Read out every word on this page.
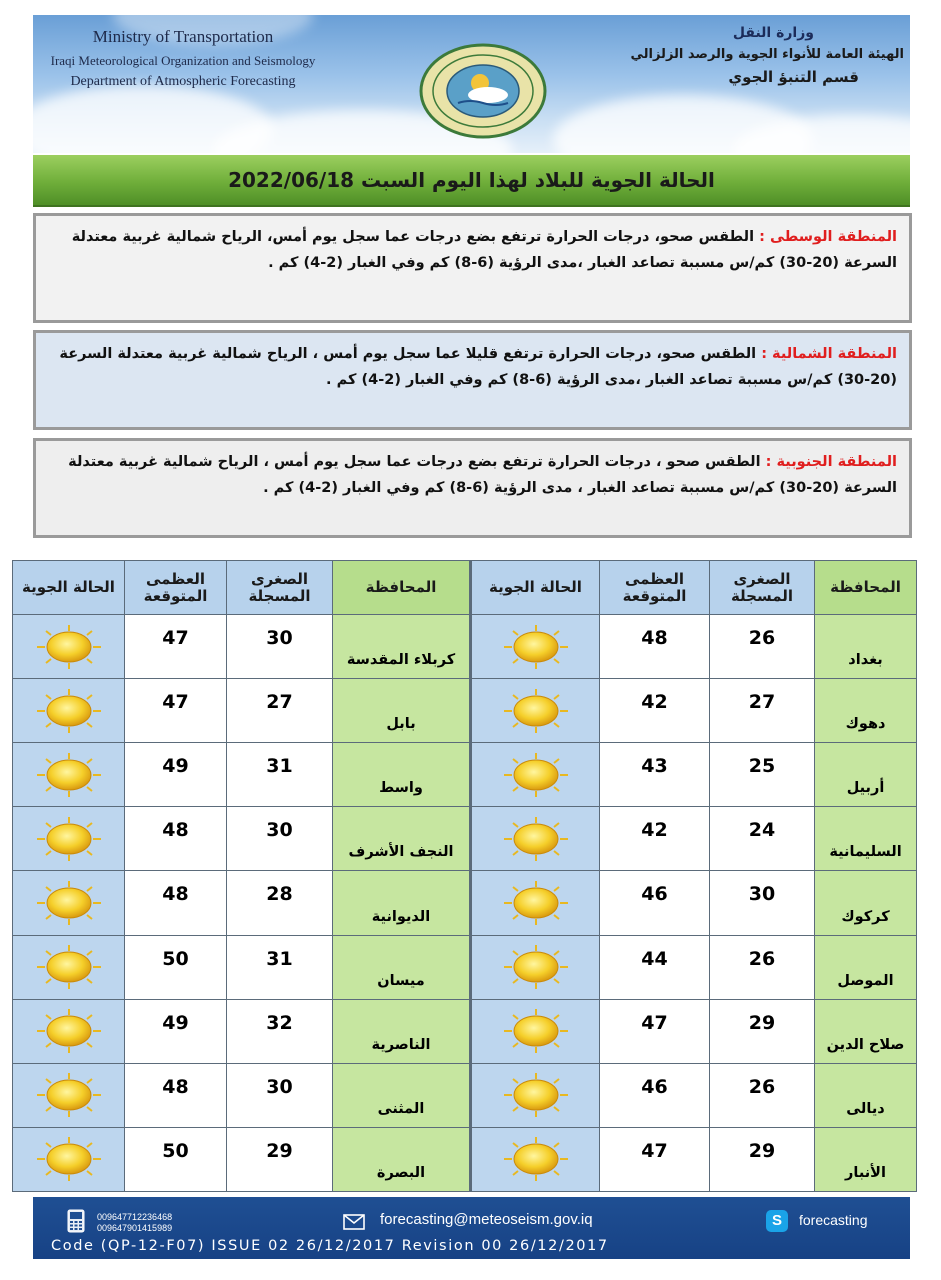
Ministry of Transportation
Iraqi Meteorological Organization and Seismology
Department of Atmospheric Forecasting
وزارة النقل
الهيئة العامة للأنواء الجوية والرصد الزلزالي
قسم التنبؤ الجوي
الحالة الجوية للبلاد لهذا اليوم السبت 2022/06/18
المنطقة الوسطى : الطقس صحو، درجات الحرارة ترتفع بضع درجات عما سجل يوم أمس، الرياح شمالية غربية معتدلة السرعة (20-30) كم/س مسببة تصاعد الغبار ،مدى الرؤية (6-8) كم وفي الغبار (2-4) كم .
المنطقة الشمالية : الطقس صحو، درجات الحرارة ترتفع قليلا عما سجل يوم أمس ، الرياح شمالية غربية معتدلة السرعة (20-30) كم/س مسببة تصاعد الغبار ،مدى الرؤية (6-8) كم وفي الغبار (2-4) كم .
المنطقة الجنوبية : الطقس صحو ، درجات الحرارة ترتفع بضع درجات عما سجل يوم أمس ، الرياح شمالية غربية معتدلة السرعة (20-30) كم/س مسببة تصاعد الغبار ، مدى الرؤية (6-8) كم وفي الغبار (2-4) كم .
المحافظة	الصغرى المسجلة	العظمى المتوقعة	الحالة الجوية	المحافظة	الصغرى المسجلة	العظمى المتوقعة	الحالة الجوية
بغداد	26	48		كربلاء المقدسة	30	47	
دهوك	27	42		بابل	27	47	
أربيل	25	43		واسط	31	49	
السليمانية	24	42		النجف الأشرف	30	48	
كركوك	30	46		الديوانية	28	48	
الموصل	26	44		ميسان	31	50	
صلاح الدين	29	47		الناصرية	32	49	
ديالى	26	46		المثنى	30	48	
الأنبار	29	47		البصرة	29	50	
009647712236468
009647901415989	forecasting@meteoseism.gov.iq	S	forecasting
Code (QP-12-F07) ISSUE 02 26/12/2017 Revision 00 26/12/2017
